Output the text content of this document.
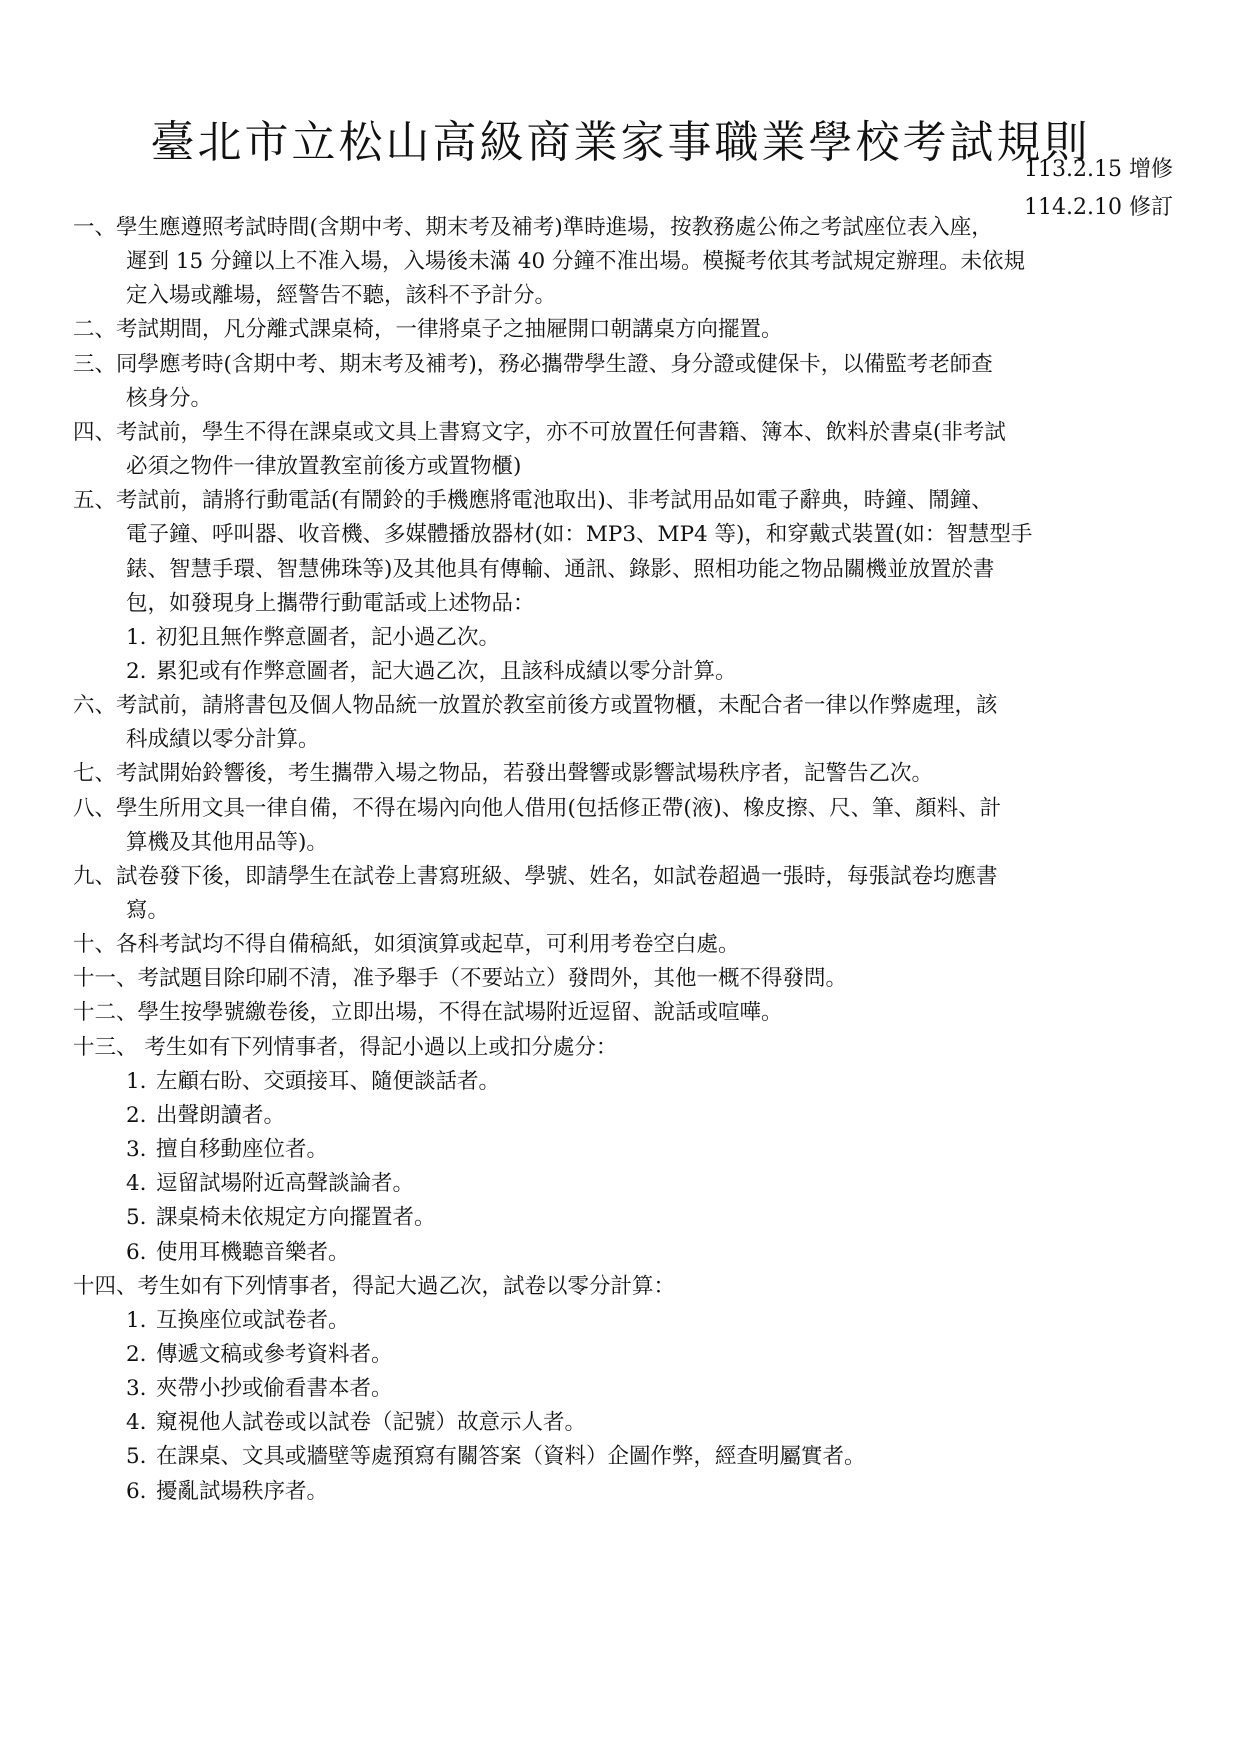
臺北市立松山高級商業家事職業學校考試規則
113.2.15 增修
114.2.10 修訂
一、學生應遵照考試時間(含期中考、期末考及補考)準時進場，按教務處公佈之考試座位表入座，
遲到 15 分鐘以上不准入場，入場後未滿 40 分鐘不准出場。模擬考依其考試規定辦理。未依規
定入場或離場，經警告不聽，該科不予計分。
二、考試期間，凡分離式課桌椅，一律將桌子之抽屜開口朝講桌方向擺置。
三、同學應考時(含期中考、期末考及補考)，務必攜帶學生證、身分證或健保卡，以備監考老師查
核身分。
四、考試前，學生不得在課桌或文具上書寫文字，亦不可放置任何書籍、簿本、飲料於書桌(非考試
必須之物件一律放置教室前後方或置物櫃)
五、考試前，請將行動電話(有鬧鈴的手機應將電池取出)、非考試用品如電子辭典，時鐘、鬧鐘、
電子鐘、呼叫器、收音機、多媒體播放器材(如：MP3、MP4 等)，和穿戴式裝置(如：智慧型手
錶、智慧手環、智慧佛珠等)及其他具有傳輸、通訊、錄影、照相功能之物品關機並放置於書
包，如發現身上攜帶行動電話或上述物品：
1. 初犯且無作弊意圖者，記小過乙次。
2. 累犯或有作弊意圖者，記大過乙次，且該科成績以零分計算。
六、考試前，請將書包及個人物品統一放置於教室前後方或置物櫃，未配合者一律以作弊處理，該
科成績以零分計算。
七、考試開始鈴響後，考生攜帶入場之物品，若發出聲響或影響試場秩序者，記警告乙次。
八、學生所用文具一律自備，不得在場內向他人借用(包括修正帶(液)、橡皮擦、尺、筆、顏料、計
算機及其他用品等)。
九、試卷發下後，即請學生在試卷上書寫班級、學號、姓名，如試卷超過一張時，每張試卷均應書
寫。
十、各科考試均不得自備稿紙，如須演算或起草，可利用考卷空白處。
十一、考試題目除印刷不清，准予舉手（不要站立）發問外，其他一概不得發問。
十二、學生按學號繳卷後，立即出場，不得在試場附近逗留、說話或喧嘩。
十三、 考生如有下列情事者，得記小過以上或扣分處分：
1. 左顧右盼、交頭接耳、隨便談話者。
2. 出聲朗讀者。
3. 擅自移動座位者。
4. 逗留試場附近高聲談論者。
5. 課桌椅未依規定方向擺置者。
6. 使用耳機聽音樂者。
十四、考生如有下列情事者，得記大過乙次，試卷以零分計算：
1. 互換座位或試卷者。
2. 傳遞文稿或參考資料者。
3. 夾帶小抄或偷看書本者。
4. 窺視他人試卷或以試卷（記號）故意示人者。
5. 在課桌、文具或牆壁等處預寫有關答案（資料）企圖作弊，經查明屬實者。
6. 擾亂試場秩序者。
